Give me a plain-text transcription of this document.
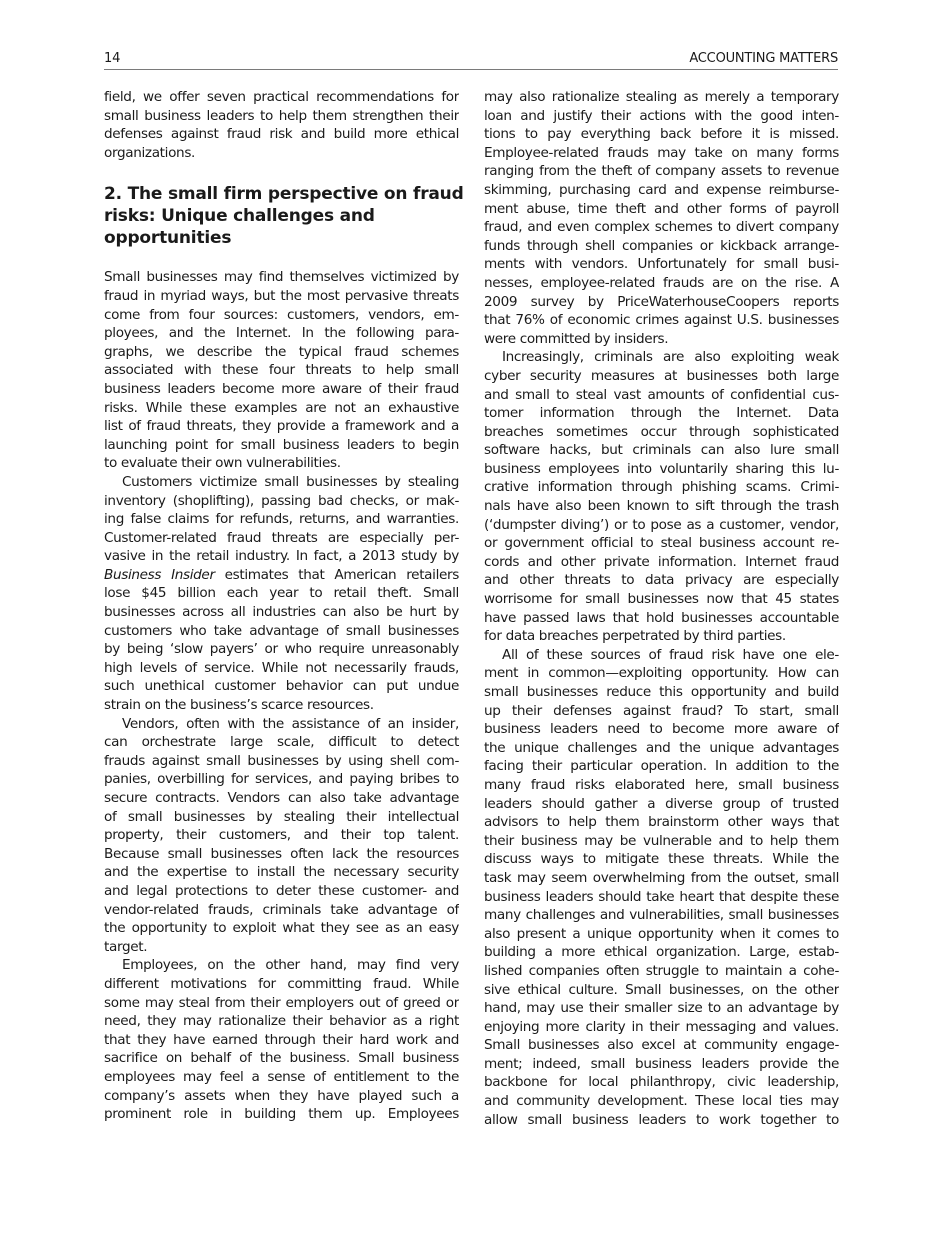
14	ACCOUNTING MATTERS
field, we offer seven practical recommendations for
small business leaders to help them strengthen their
defenses against fraud risk and build more ethical
organizations.
2. The small firm perspective on fraud
risks: Unique challenges and
opportunities
Small businesses may find themselves victimized by
fraud in myriad ways, but the most pervasive threats
come from four sources: customers, vendors, em-
ployees, and the Internet. In the following para-
graphs, we describe the typical fraud schemes
associated with these four threats to help small
business leaders become more aware of their fraud
risks. While these examples are not an exhaustive
list of fraud threats, they provide a framework and a
launching point for small business leaders to begin
to evaluate their own vulnerabilities.
Customers victimize small businesses by stealing
inventory (shoplifting), passing bad checks, or mak-
ing false claims for refunds, returns, and warranties.
Customer-related fraud threats are especially per-
vasive in the retail industry. In fact, a 2013 study by
Business Insider estimates that American retailers
lose $45 billion each year to retail theft. Small
businesses across all industries can also be hurt by
customers who take advantage of small businesses
by being ‘slow payers’ or who require unreasonably
high levels of service. While not necessarily frauds,
such unethical customer behavior can put undue
strain on the business’s scarce resources.
Vendors, often with the assistance of an insider,
can orchestrate large scale, difficult to detect
frauds against small businesses by using shell com-
panies, overbilling for services, and paying bribes to
secure contracts. Vendors can also take advantage
of small businesses by stealing their intellectual
property, their customers, and their top talent.
Because small businesses often lack the resources
and the expertise to install the necessary security
and legal protections to deter these customer- and
vendor-related frauds, criminals take advantage of
the opportunity to exploit what they see as an easy
target.
Employees, on the other hand, may find very
different motivations for committing fraud. While
some may steal from their employers out of greed or
need, they may rationalize their behavior as a right
that they have earned through their hard work and
sacrifice on behalf of the business. Small business
employees may feel a sense of entitlement to the
company’s assets when they have played such a
prominent role in building them up. Employees
may also rationalize stealing as merely a temporary
loan and justify their actions with the good inten-
tions to pay everything back before it is missed.
Employee-related frauds may take on many forms
ranging from the theft of company assets to revenue
skimming, purchasing card and expense reimburse-
ment abuse, time theft and other forms of payroll
fraud, and even complex schemes to divert company
funds through shell companies or kickback arrange-
ments with vendors. Unfortunately for small busi-
nesses, employee-related frauds are on the rise. A
2009 survey by PriceWaterhouseCoopers reports
that 76% of economic crimes against U.S. businesses
were committed by insiders.
Increasingly, criminals are also exploiting weak
cyber security measures at businesses both large
and small to steal vast amounts of confidential cus-
tomer information through the Internet. Data
breaches sometimes occur through sophisticated
software hacks, but criminals can also lure small
business employees into voluntarily sharing this lu-
crative information through phishing scams. Crimi-
nals have also been known to sift through the trash
(‘dumpster diving’) or to pose as a customer, vendor,
or government official to steal business account re-
cords and other private information. Internet fraud
and other threats to data privacy are especially
worrisome for small businesses now that 45 states
have passed laws that hold businesses accountable
for data breaches perpetrated by third parties.
All of these sources of fraud risk have one ele-
ment in common—exploiting opportunity. How can
small businesses reduce this opportunity and build
up their defenses against fraud? To start, small
business leaders need to become more aware of
the unique challenges and the unique advantages
facing their particular operation. In addition to the
many fraud risks elaborated here, small business
leaders should gather a diverse group of trusted
advisors to help them brainstorm other ways that
their business may be vulnerable and to help them
discuss ways to mitigate these threats. While the
task may seem overwhelming from the outset, small
business leaders should take heart that despite these
many challenges and vulnerabilities, small businesses
also present a unique opportunity when it comes to
building a more ethical organization. Large, estab-
lished companies often struggle to maintain a cohe-
sive ethical culture. Small businesses, on the other
hand, may use their smaller size to an advantage by
enjoying more clarity in their messaging and values.
Small businesses also excel at community engage-
ment; indeed, small business leaders provide the
backbone for local philanthropy, civic leadership,
and community development. These local ties may
allow small business leaders to work together to
